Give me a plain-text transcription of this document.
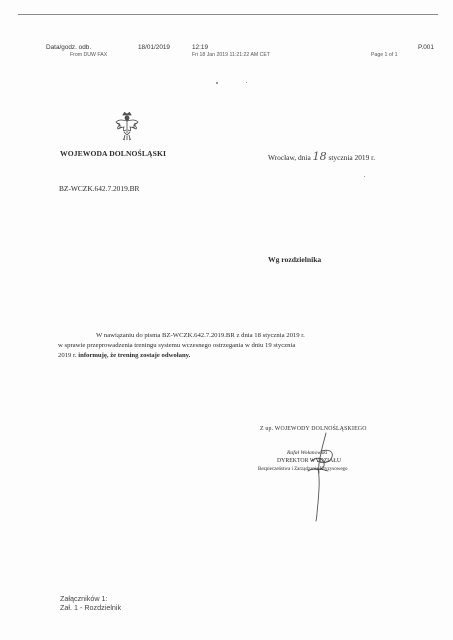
Data/godz. odb.
From DUW FAX
18/01/2019	12:19
Fri 18 Jan 2019 11:21:22 AM CET	Page 1 of 1
P.001
WOJEWODA DOLNOŚLĄSKI	Wrocław, dnia 18 stycznia 2019 r.
BZ-WCZK.642.7.2019.BR
Wg rozdzielnika
W nawiązaniu do pisma BZ-WCZK.642.7.2019.BR z dnia 18 stycznia 2019 r.
w sprawie przeprowadzenia treningu systemu wczesnego ostrzegania w dniu 19 stycznia
2019 r. informuję, że trening zostaje odwołany.
Z up. WOJEWODY DOLNOŚLĄSKIEGO
Rafał Wołanowski
DYREKTOR WYDZIAŁU
Bezpieczeństwa i Zarządzania Kryzysowego
Załączników 1:
Zał. 1 - Rozdzielnik
